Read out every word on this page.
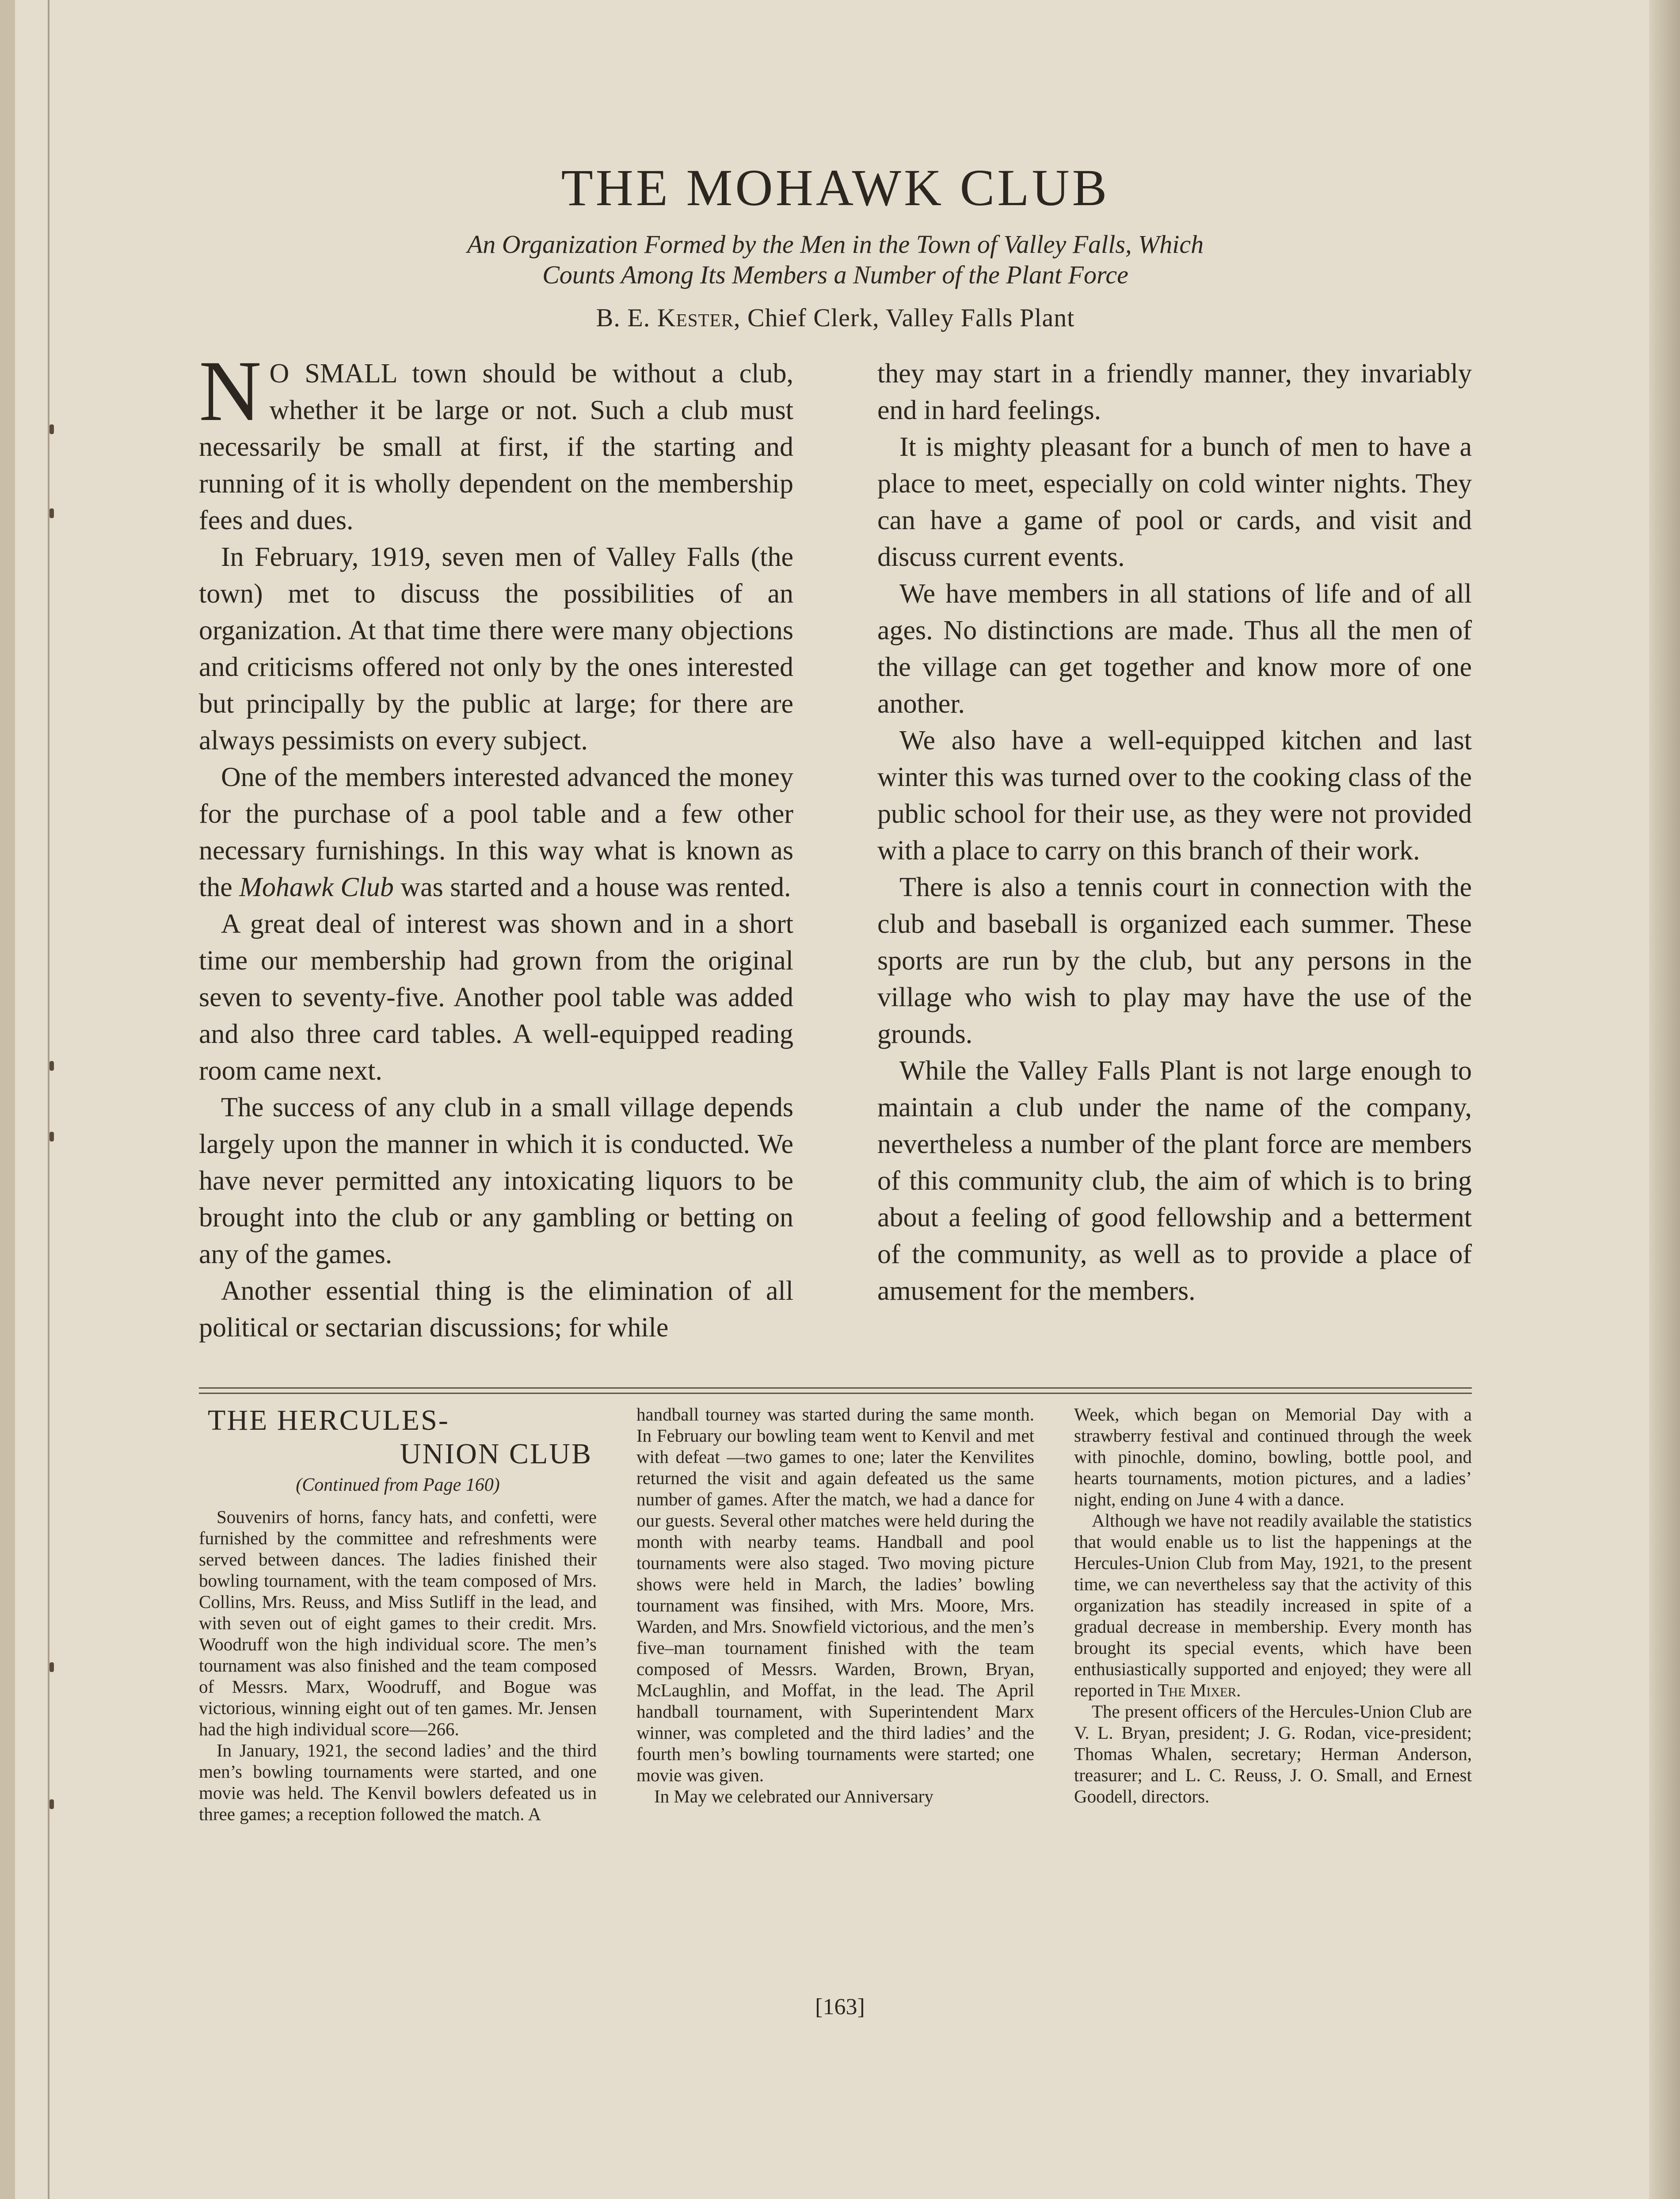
THE MOHAWK CLUB
An Organization Formed by the Men in the Town of Valley Falls, Which
Counts Among Its Members a Number of the Plant Force
B. E. Kester, Chief Clerk, Valley Falls Plant

N O SMALL town should be without a club, whether it be large or not. Such a club must necessarily be small at first, if the starting and running of it is wholly dependent on the membership fees and dues.

In February, 1919, seven men of Valley Falls (the town) met to discuss the possibilities of an organization. At that time there were many objections and criticisms offered not only by the ones interested but principally by the public at large; for there are always pessimists on every subject.

One of the members interested advanced the money for the purchase of a pool table and a few other necessary furnishings. In this way what is known as the Mohawk Club was started and a house was rented.

A great deal of interest was shown and in a short time our membership had grown from the original seven to seventy-five. Another pool table was added and also three card tables. A well-equipped reading room came next.

The success of any club in a small village depends largely upon the manner in which it is conducted. We have never permitted any intoxicating liquors to be brought into the club or any gambling or betting on any of the games.

Another essential thing is the elimination of all political or sectarian discussions; for while

they may start in a friendly manner, they invariably end in hard feelings.

It is mighty pleasant for a bunch of men to have a place to meet, especially on cold winter nights. They can have a game of pool or cards, and visit and discuss current events.

We have members in all stations of life and of all ages. No distinctions are made. Thus all the men of the village can get together and know more of one another.

We also have a well-equipped kitchen and last winter this was turned over to the cooking class of the public school for their use, as they were not provided with a place to carry on this branch of their work.

There is also a tennis court in connection with the club and baseball is organized each summer. These sports are run by the club, but any persons in the village who wish to play may have the use of the grounds.

While the Valley Falls Plant is not large enough to maintain a club under the name of the company, nevertheless a number of the plant force are members of this community club, the aim of which is to bring about a feeling of good fellowship and a betterment of the community, as well as to provide a place of amusement for the members.

THE HERCULES-
UNION CLUB
(Continued from Page 160)

Souvenirs of horns, fancy hats, and confetti, were furnished by the committee and refreshments were served between dances. The ladies finished their bowling tournament, with the team composed of Mrs. Collins, Mrs. Reuss, and Miss Sutliff in the lead, and with seven out of eight games to their credit. Mrs. Woodruff won the high individual score. The men’s tournament was also finished and the team composed of Messrs. Marx, Woodruff, and Bogue was victorious, winning eight out of ten games. Mr. Jensen had the high individual score—266.

In January, 1921, the second ladies’ and the third men’s bowling tournaments were started, and one movie was held. The Kenvil bowlers defeated us in three games; a reception followed the match. A

handball tourney was started during the same month. In February our bowling team went to Kenvil and met with defeat —two games to one; later the Kenvilites returned the visit and again defeated us the same number of games. After the match, we had a dance for our guests. Several other matches were held during the month with nearby teams. Handball and pool tournaments were also staged. Two moving picture shows were held in March, the ladies’ bowling tournament was finsihed, with Mrs. Moore, Mrs. Warden, and Mrs. Snowfield victorious, and the men’s five–man tournament finished with the team composed of Messrs. Warden, Brown, Bryan, McLaughlin, and Moffat, in the lead. The April handball tournament, with Superintendent Marx winner, was completed and the third ladies’ and the fourth men’s bowling tournaments were started; one movie was given.

In May we celebrated our Anniversary

Week, which began on Memorial Day with a strawberry festival and continued through the week with pinochle, domino, bowling, bottle pool, and hearts tournaments, motion pictures, and a ladies’ night, ending on June 4 with a dance.

Although we have not readily available the statistics that would enable us to list the happenings at the Hercules-Union Club from May, 1921, to the present time, we can nevertheless say that the activity of this organization has steadily increased in spite of a gradual decrease in membership. Every month has brought its special events, which have been enthusiastically supported and enjoyed; they were all reported in The Mixer.

The present officers of the Hercules-Union Club are V. L. Bryan, president; J. G. Rodan, vice-president; Thomas Whalen, secretary; Herman Anderson, treasurer; and L. C. Reuss, J. O. Small, and Ernest Goodell, directors.

[163]
